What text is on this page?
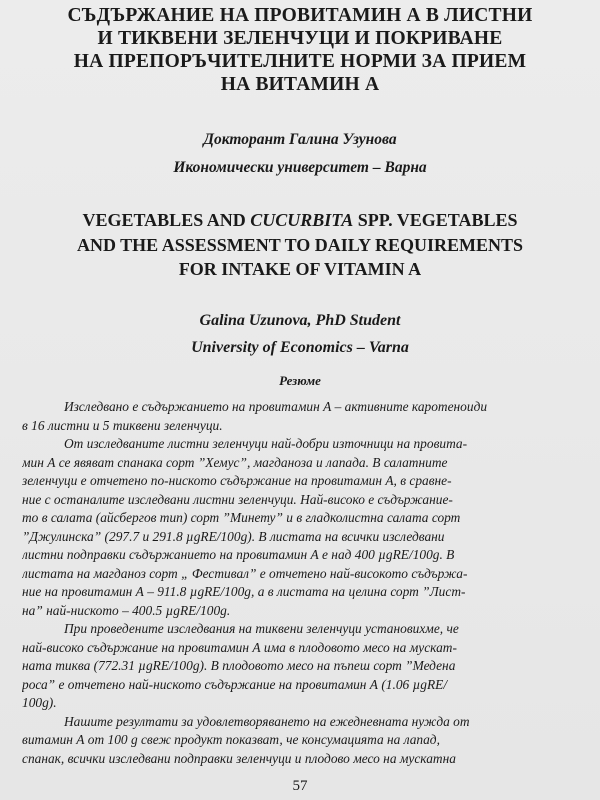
СЪДЪРЖАНИЕ НА ПРОВИТАМИН А В ЛИСТНИ
И ТИКВЕНИ ЗЕЛЕНЧУЦИ И ПОКРИВАНЕ
НА ПРЕПОРЪЧИТЕЛНИТЕ НОРМИ ЗА ПРИЕМ
НА ВИТАМИН А
Докторант Галина Узунова
Икономически университет – Варна
VEGETABLES AND CUCURBITA SPP. VEGETABLES
AND THE ASSESSMENT TO DAILY REQUIREMENTS
FOR INTAKE OF VITAMIN A
Galina Uzunova, PhD Student
University of Economics – Varna
Резюме
Изследвано е съдържанието на провитамин А – активните каротеноиди
в 16 листни и 5 тиквени зеленчуци.
От изследваните листни зеленчуци най-добри източници на провита-
мин А се явяват спанака сорт ”Хемус”, магданоза и лапада. В салатните
зеленчуци е отчетено по-ниското съдържание на провитамин А, в сравне-
ние с останалите изследвани листни зеленчуци. Най-високо е съдържание-
то в салата (айсбергов тип) сорт ”Минету” и в гладколистна салата сорт
”Джулинска” (297.7 и 291.8 µgRE/100g). В листата на всички изследвани
листни подправки съдържанието на провитамин А е над 400 µgRE/100g. В
листата на магданоз сорт „ Фестивал” е отчетено най-високото съдържа-
ние на провитамин А – 911.8 µgRE/100g, а в листата на целина сорт ”Лист-
на” най-ниското – 400.5 µgRE/100g.
При проведените изследвания на тиквени зеленчуци установихме, че
най-високо съдържание на провитамин А има в плодовото месо на мускат-
ната тиква (772.31 µgRE/100g). В плодовото месо на пъпеш сорт ”Медена
роса” е отчетено най-ниското съдържание на провитамин А (1.06 µgRE/
100g).
Нашите резултати за удовлетворяването на ежедневната нужда от
витамин А от 100 g свеж продукт показват, че консумацията на лапад,
спанак, всички изследвани подправки зеленчуци и плодово месо на мускатна
57
